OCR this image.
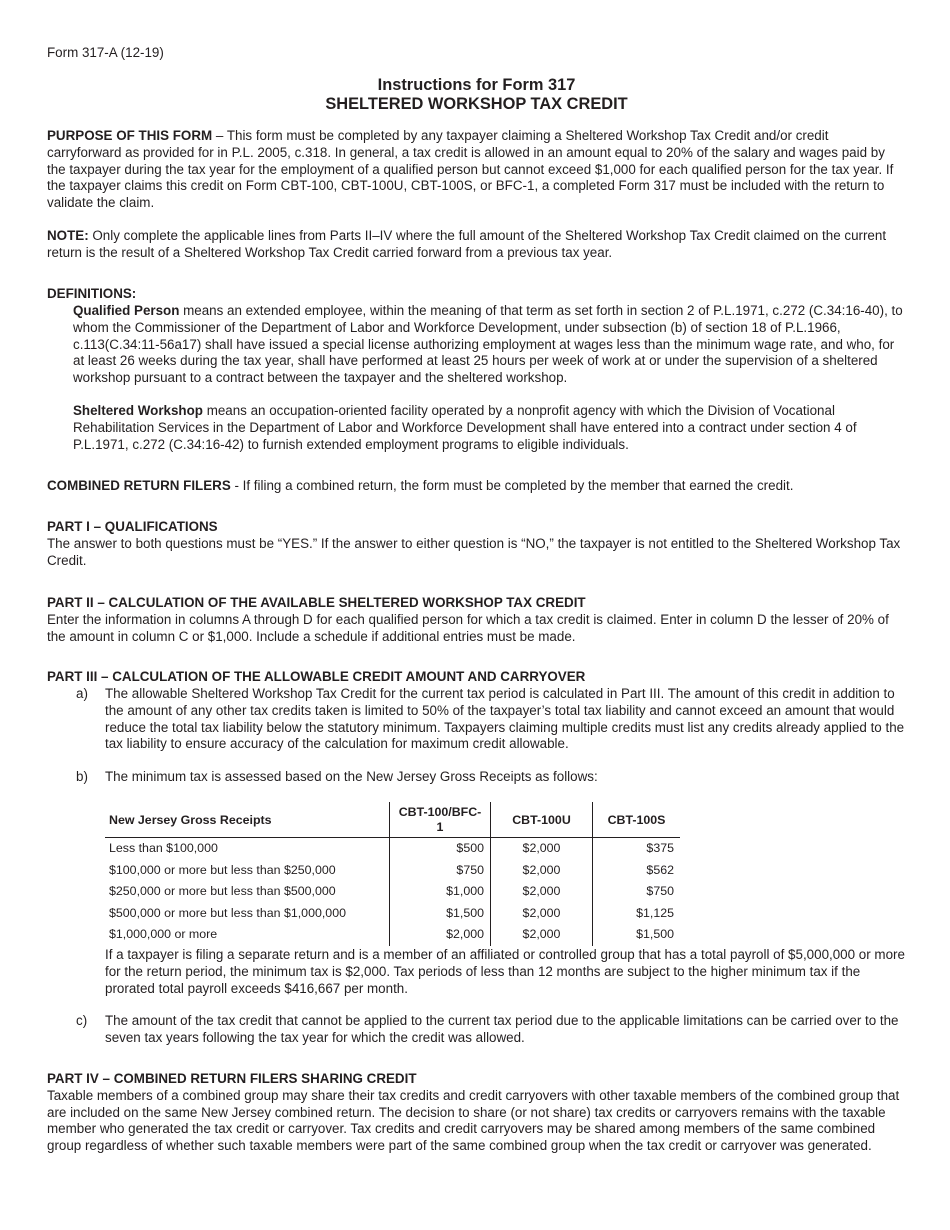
Form 317-A (12-19)
Instructions for Form 317
SHELTERED WORKSHOP TAX CREDIT
PURPOSE OF THIS FORM – This form must be completed by any taxpayer claiming a Sheltered Workshop Tax Credit and/or credit carryforward as provided for in P.L. 2005, c.318. In general, a tax credit is allowed in an amount equal to 20% of the salary and wages paid by the taxpayer during the tax year for the employment of a qualified person but cannot exceed $1,000 for each qualified person for the tax year. If the taxpayer claims this credit on Form CBT-100, CBT-100U, CBT-100S, or BFC-1, a completed Form 317 must be included with the return to validate the claim.
NOTE: Only complete the applicable lines from Parts II–IV where the full amount of the Sheltered Workshop Tax Credit claimed on the current return is the result of a Sheltered Workshop Tax Credit carried forward from a previous tax year.
DEFINITIONS:
Qualified Person means an extended employee, within the meaning of that term as set forth in section 2 of P.L.1971, c.272 (C.34:16-40), to whom the Commissioner of the Department of Labor and Workforce Development, under subsection (b) of section 18 of P.L.1966, c.113(C.34:11-56a17) shall have issued a special license authorizing employment at wages less than the minimum wage rate, and who, for at least 26 weeks during the tax year, shall have performed at least 25 hours per week of work at or under the supervision of a sheltered workshop pursuant to a contract between the taxpayer and the sheltered workshop.
Sheltered Workshop means an occupation-oriented facility operated by a nonprofit agency with which the Division of Vocational Rehabilitation Services in the Department of Labor and Workforce Development shall have entered into a contract under section 4 of P.L.1971, c.272 (C.34:16-42) to furnish extended employment programs to eligible individuals.
COMBINED RETURN FILERS - If filing a combined return, the form must be completed by the member that earned the credit.
PART I – QUALIFICATIONS
The answer to both questions must be “YES.” If the answer to either question is “NO,” the taxpayer is not entitled to the Sheltered Workshop Tax Credit.
PART II – CALCULATION OF THE AVAILABLE SHELTERED WORKSHOP TAX CREDIT
Enter the information in columns A through D for each qualified person for which a tax credit is claimed. Enter in column D the lesser of 20% of the amount in column C or $1,000. Include a schedule if additional entries must be made.
PART III – CALCULATION OF THE ALLOWABLE CREDIT AMOUNT AND CARRYOVER
a) The allowable Sheltered Workshop Tax Credit for the current tax period is calculated in Part III. The amount of this credit in addition to the amount of any other tax credits taken is limited to 50% of the taxpayer’s total tax liability and cannot exceed an amount that would reduce the total tax liability below the statutory minimum. Taxpayers claiming multiple credits must list any credits already applied to the tax liability to ensure accuracy of the calculation for maximum credit allowable.
b) The minimum tax is assessed based on the New Jersey Gross Receipts as follows:
New Jersey Gross Receipts	CBT-100/BFC-1	CBT-100U	CBT-100S
Less than $100,000	$500	$2,000	$375
$100,000 or more but less than $250,000	$750	$2,000	$562
$250,000 or more but less than $500,000	$1,000	$2,000	$750
$500,000 or more but less than $1,000,000	$1,500	$2,000	$1,125
$1,000,000 or more	$2,000	$2,000	$1,500
If a taxpayer is filing a separate return and is a member of an affiliated or controlled group that has a total payroll of $5,000,000 or more for the return period, the minimum tax is $2,000. Tax periods of less than 12 months are subject to the higher minimum tax if the prorated total payroll exceeds $416,667 per month.
c) The amount of the tax credit that cannot be applied to the current tax period due to the applicable limitations can be carried over to the seven tax years following the tax year for which the credit was allowed.
PART IV – COMBINED RETURN FILERS SHARING CREDIT
Taxable members of a combined group may share their tax credits and credit carryovers with other taxable members of the combined group that are included on the same New Jersey combined return. The decision to share (or not share) tax credits or carryovers remains with the taxable member who generated the tax credit or carryover. Tax credits and credit carryovers may be shared among members of the same combined group regardless of whether such taxable members were part of the same combined group when the tax credit or carryover was generated.
